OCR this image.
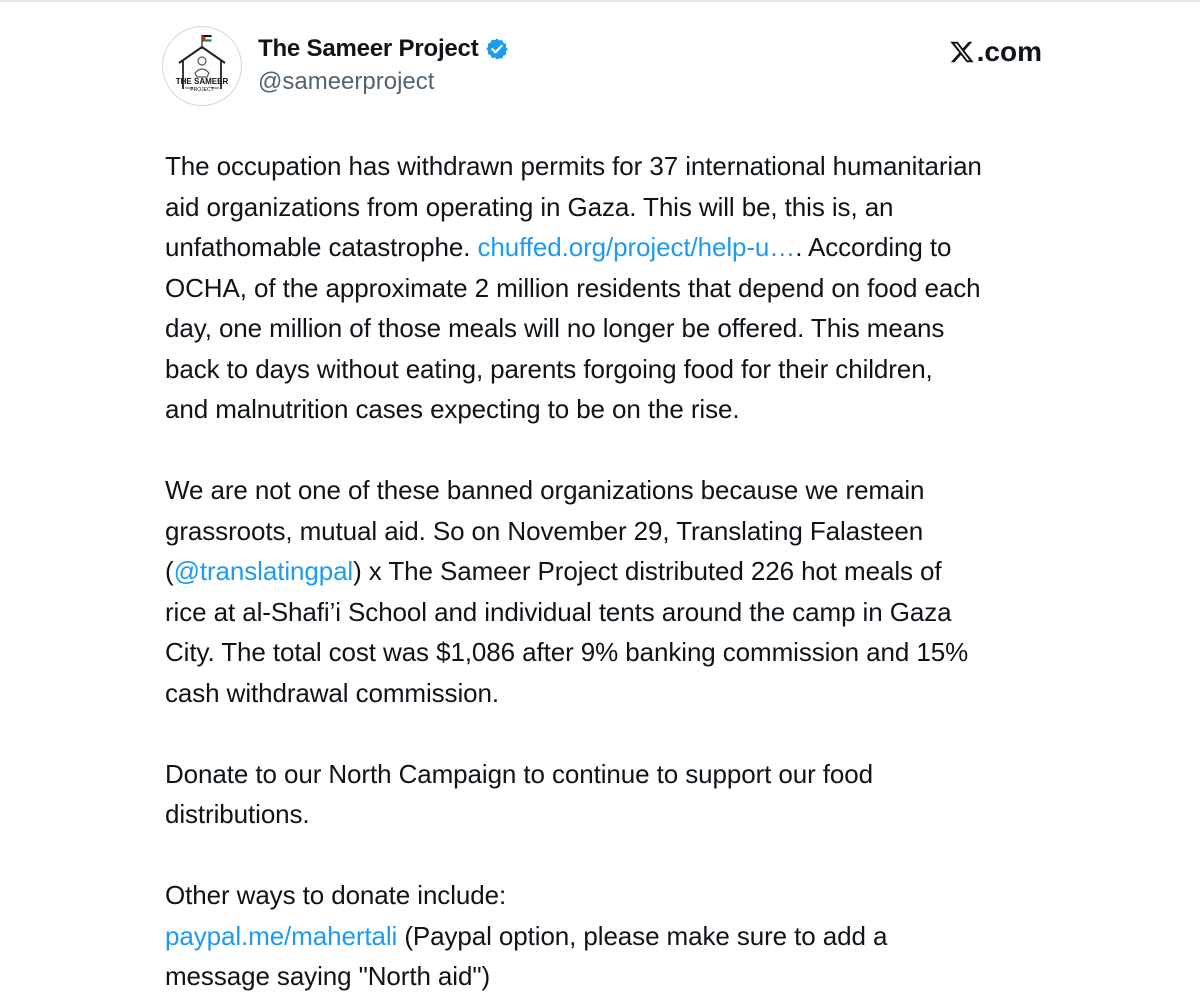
THE SAMEER
PROJECT
The Sameer Project
@sameerproject
.com

The occupation has withdrawn permits for 37 international humanitarian
aid organizations from operating in Gaza. This will be, this is, an
unfathomable catastrophe. chuffed.org/project/help-u…. According to
OCHA, of the approximate 2 million residents that depend on food each
day, one million of those meals will no longer be offered. This means
back to days without eating, parents forgoing food for their children,
and malnutrition cases expecting to be on the rise.

We are not one of these banned organizations because we remain
grassroots, mutual aid. So on November 29, Translating Falasteen
(@translatingpal) x The Sameer Project distributed 226 hot meals of
rice at al-Shafi’i School and individual tents around the camp in Gaza
City. The total cost was $1,086 after 9% banking commission and 15%
cash withdrawal commission.

Donate to our North Campaign to continue to support our food
distributions.

Other ways to donate include:
paypal.me/mahertali (Paypal option, please make sure to add a
message saying "North aid")
